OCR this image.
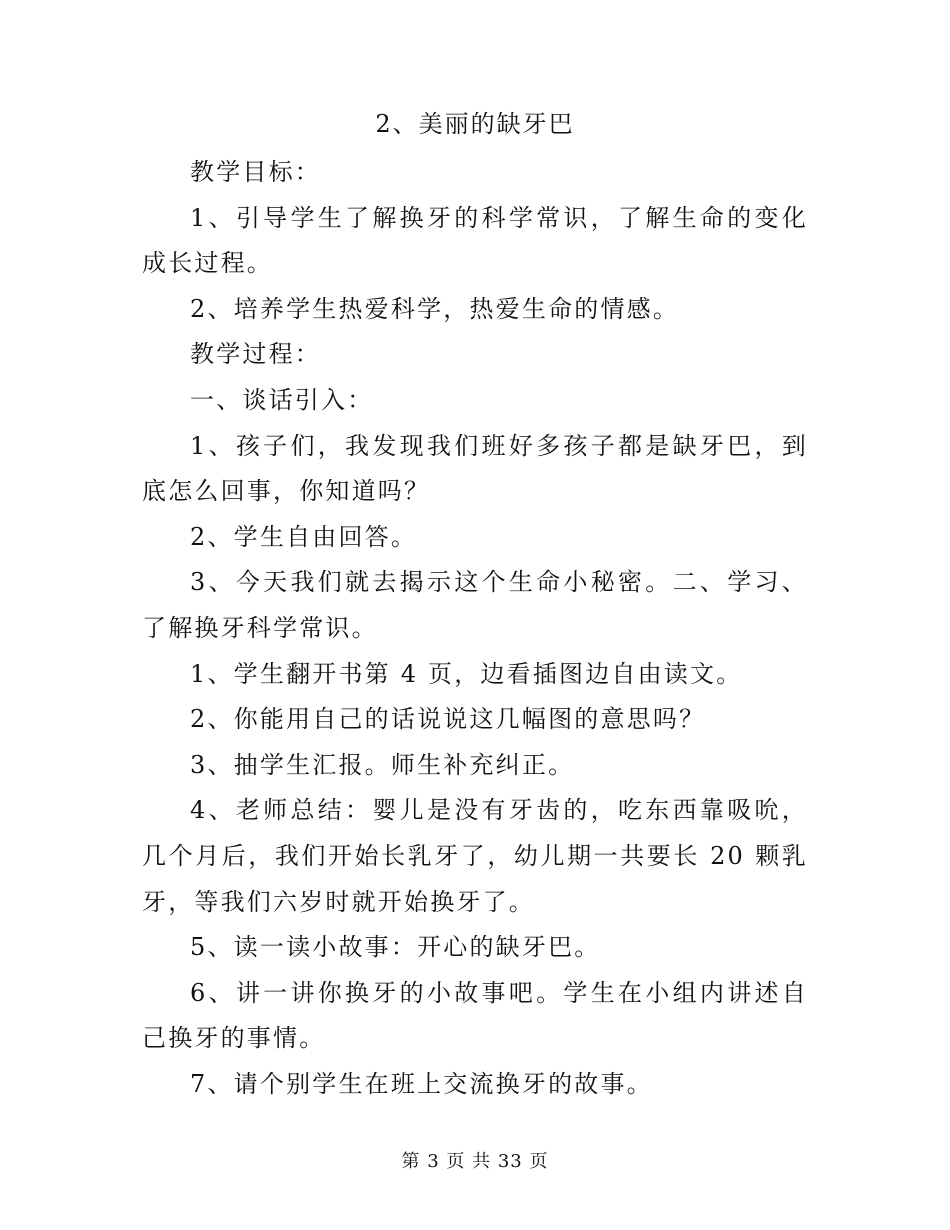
2、美丽的缺牙巴

教学目标：

1、引导学生了解换牙的科学常识，了解生命的变化成长过程。

2、培养学生热爱科学，热爱生命的情感。

教学过程：

一、谈话引入：

1、孩子们，我发现我们班好多孩子都是缺牙巴，到底怎么回事，你知道吗？

2、学生自由回答。

3、今天我们就去揭示这个生命小秘密。二、学习、了解换牙科学常识。

1、学生翻开书第 4 页，边看插图边自由读文。

2、你能用自己的话说说这几幅图的意思吗？

3、抽学生汇报。师生补充纠正。

4、老师总结：婴儿是没有牙齿的，吃东西靠吸吮，几个月后，我们开始长乳牙了，幼儿期一共要长 20 颗乳牙，等我们六岁时就开始换牙了。

5、读一读小故事：开心的缺牙巴。

6、讲一讲你换牙的小故事吧。学生在小组内讲述自己换牙的事情。

7、请个别学生在班上交流换牙的故事。

第 3 页 共 33 页
